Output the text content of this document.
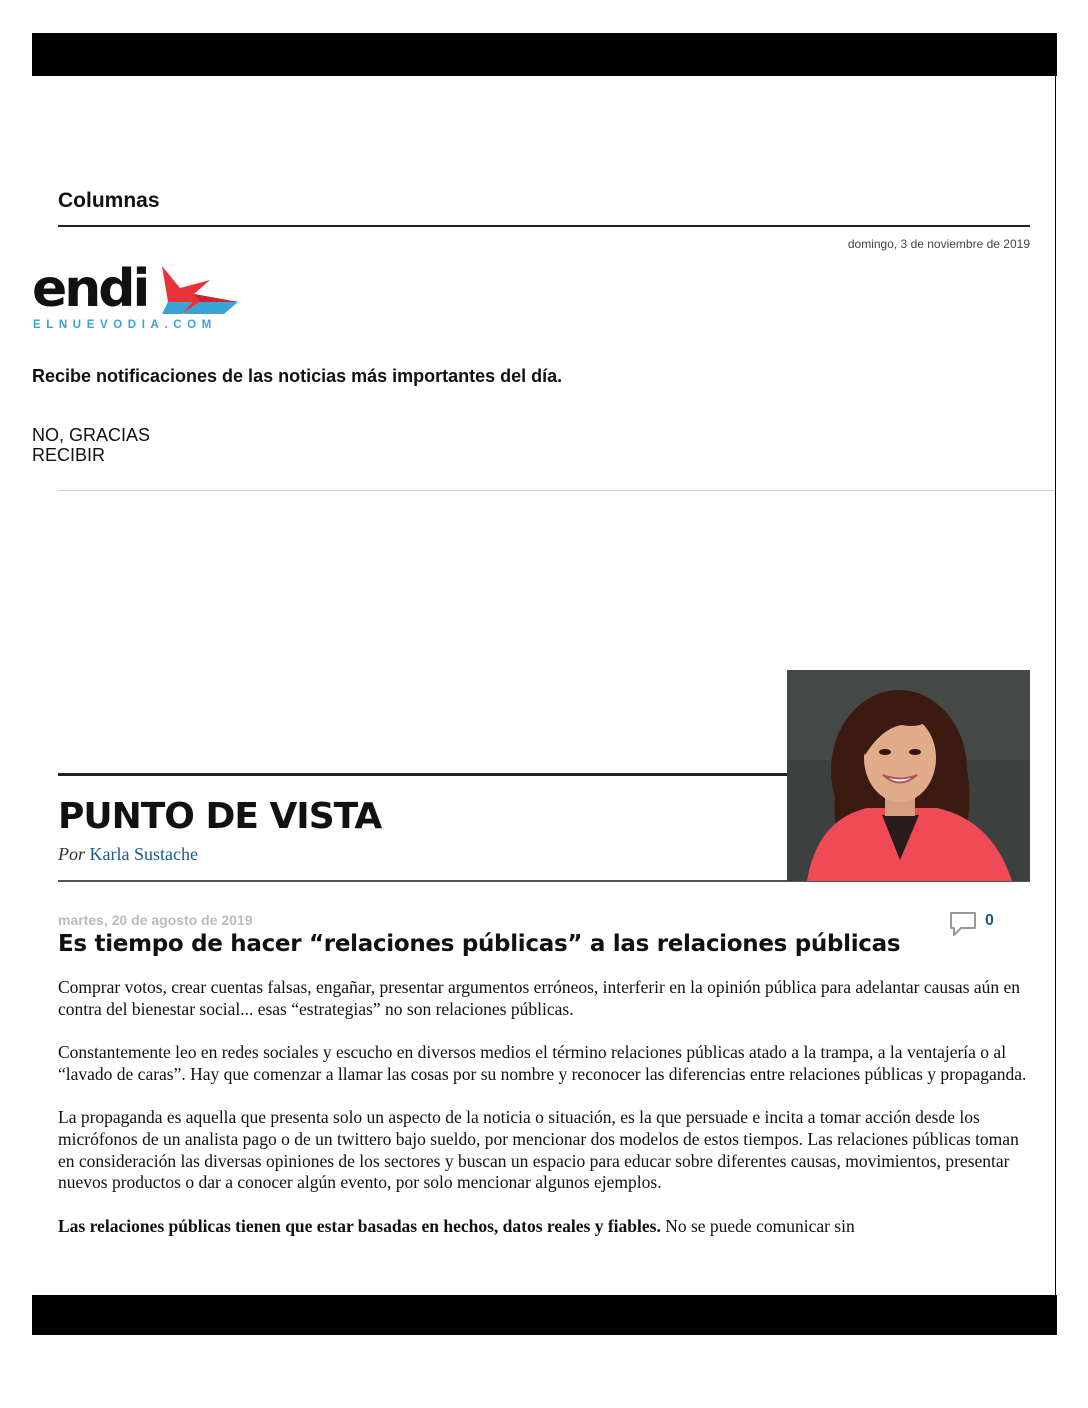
Columnas
domingo, 3 de noviembre de 2019
endi
ELNUEVODIA.COM
Recibe notificaciones de las noticias más importantes del día.
NO, GRACIAS
RECIBIR
PUNTO DE VISTA
Por Karla Sustache
martes, 20 de agosto de 2019	0
Es tiempo de hacer “relaciones públicas” a las relaciones públicas

Comprar votos, crear cuentas falsas, engañar, presentar argumentos erróneos, interferir en la opinión pública para adelantar causas aún en contra del bienestar social... esas “estrategias” no son relaciones públicas.

Constantemente leo en redes sociales y escucho en diversos medios el término relaciones públicas atado a la trampa, a la ventajería o al “lavado de caras”. Hay que comenzar a llamar las cosas por su nombre y reconocer las diferencias entre relaciones públicas y propaganda.

La propaganda es aquella que presenta solo un aspecto de la noticia o situación, es la que persuade e incita a tomar acción desde los micrófonos de un analista pago o de un twittero bajo sueldo, por mencionar dos modelos de estos tiempos. Las relaciones públicas toman en consideración las diversas opiniones de los sectores y buscan un espacio para educar sobre diferentes causas, movimientos, presentar nuevos productos o dar a conocer algún evento, por solo mencionar algunos ejemplos.

Las relaciones públicas tienen que estar basadas en hechos, datos reales y fiables. No se puede comunicar sin
